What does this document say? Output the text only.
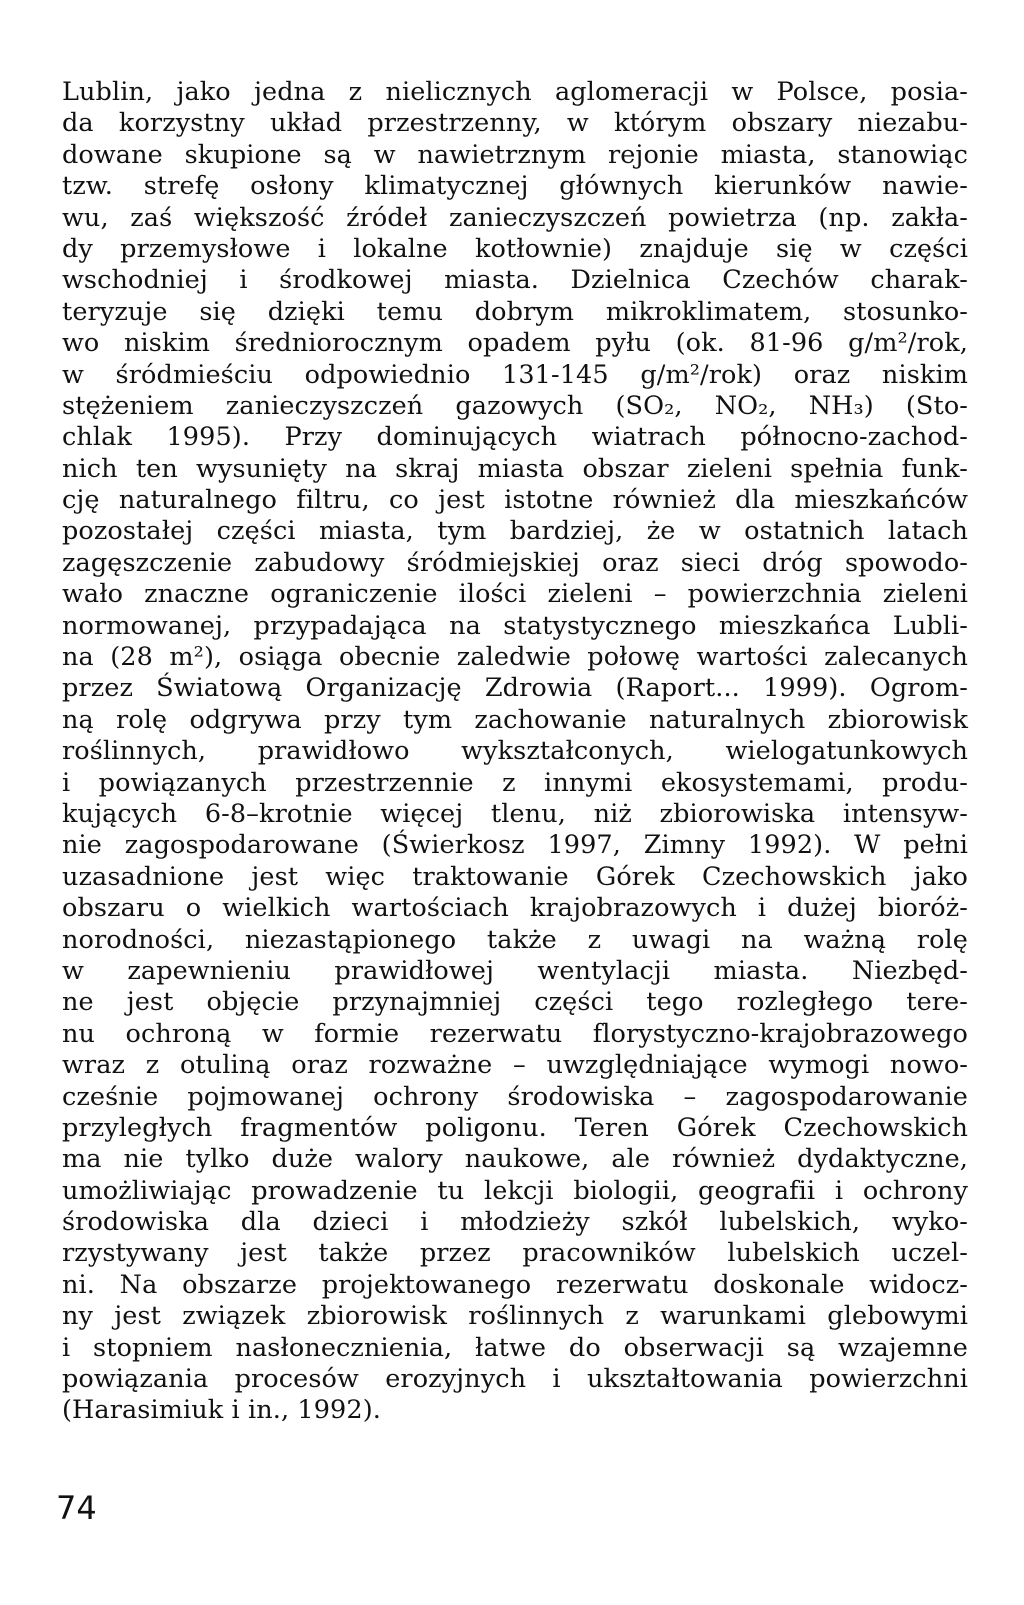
Lublin, jako jedna z nielicznych aglomeracji w Polsce, posia-
da korzystny układ przestrzenny, w którym obszary niezabu-
dowane skupione są w nawietrznym rejonie miasta, stanowiąc
tzw. strefę osłony klimatycznej głównych kierunków nawie-
wu, zaś większość źródeł zanieczyszczeń powietrza (np. zakła-
dy przemysłowe i lokalne kotłownie) znajduje się w części
wschodniej i środkowej miasta. Dzielnica Czechów charak-
teryzuje się dzięki temu dobrym mikroklimatem, stosunko-
wo niskim średniorocznym opadem pyłu (ok. 81-96 g/m²/rok,
w śródmieściu odpowiednio 131-145 g/m²/rok) oraz niskim
stężeniem zanieczyszczeń gazowych (SO₂, NO₂, NH₃) (Sto-
chlak 1995). Przy dominujących wiatrach północno-zachod-
nich ten wysunięty na skraj miasta obszar zieleni spełnia funk-
cję naturalnego filtru, co jest istotne również dla mieszkańców
pozostałej części miasta, tym bardziej, że w ostatnich latach
zagęszczenie zabudowy śródmiejskiej oraz sieci dróg spowodo-
wało znaczne ograniczenie ilości zieleni – powierzchnia zieleni
normowanej, przypadająca na statystycznego mieszkańca Lubli-
na (28 m²), osiąga obecnie zaledwie połowę wartości zalecanych
przez Światową Organizację Zdrowia (Raport... 1999). Ogrom-
ną rolę odgrywa przy tym zachowanie naturalnych zbiorowisk
roślinnych, prawidłowo wykształconych, wielogatunkowych
i powiązanych przestrzennie z innymi ekosystemami, produ-
kujących 6-8–krotnie więcej tlenu, niż zbiorowiska intensyw-
nie zagospodarowane (Świerkosz 1997, Zimny 1992). W pełni
uzasadnione jest więc traktowanie Górek Czechowskich jako
obszaru o wielkich wartościach krajobrazowych i dużej bioróż-
norodności, niezastąpionego także z uwagi na ważną rolę
w zapewnieniu prawidłowej wentylacji miasta. Niezbęd-
ne jest objęcie przynajmniej części tego rozległego tere-
nu ochroną w formie rezerwatu florystyczno-krajobrazowego
wraz z otuliną oraz rozważne – uwzględniające wymogi nowo-
cześnie pojmowanej ochrony środowiska – zagospodarowanie
przyległych fragmentów poligonu. Teren Górek Czechowskich
ma nie tylko duże walory naukowe, ale również dydaktyczne,
umożliwiając prowadzenie tu lekcji biologii, geografii i ochrony
środowiska dla dzieci i młodzieży szkół lubelskich, wyko-
rzystywany jest także przez pracowników lubelskich uczel-
ni. Na obszarze projektowanego rezerwatu doskonale widocz-
ny jest związek zbiorowisk roślinnych z warunkami glebowymi
i stopniem nasłonecznienia, łatwe do obserwacji są wzajemne
powiązania procesów erozyjnych i ukształtowania powierzchni
(Harasimiuk i in., 1992).
74
